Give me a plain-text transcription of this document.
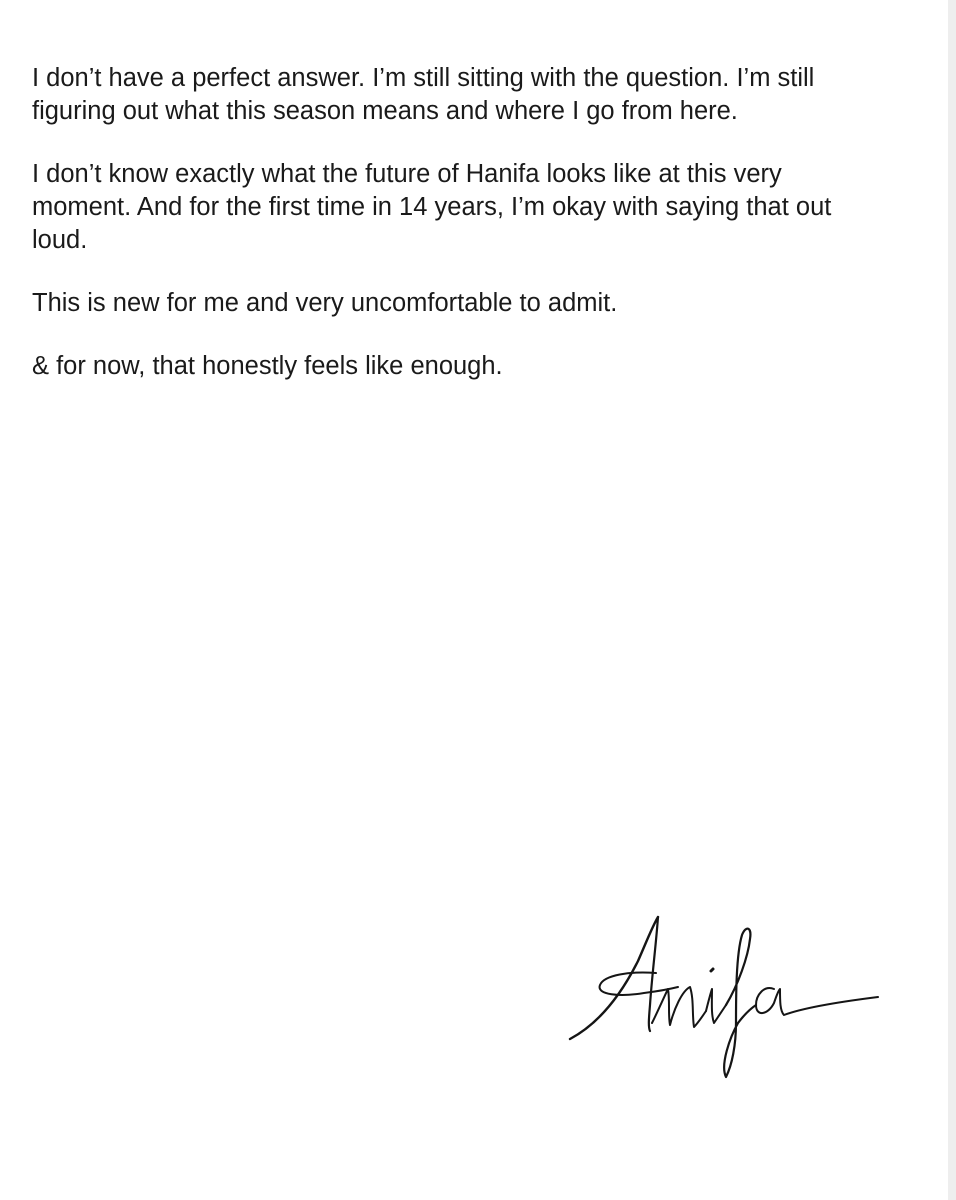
I don’t have a perfect answer. I’m still sitting with the question. I’m still figuring out what this season means and where I go from here.

I don’t know exactly what the future of Hanifa looks like at this very moment. And for the first time in 14 years, I’m okay with saying that out loud.

This is new for me and very uncomfortable to admit.

& for now, that honestly feels like enough.
